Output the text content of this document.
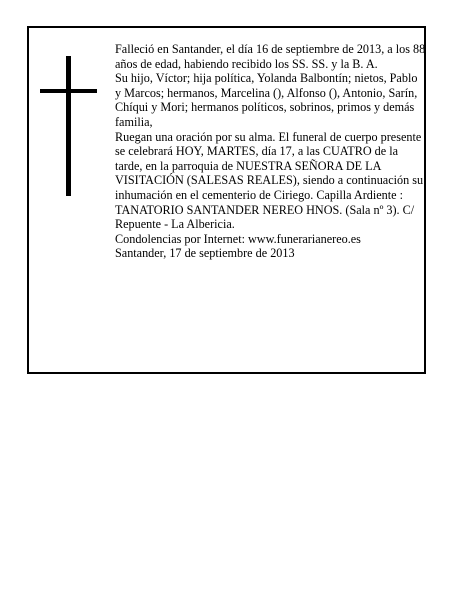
Falleció en Santander, el día 16 de septiembre de 2013, a los 88 años de edad, habiendo recibido los SS. SS. y la B. A.

Su hijo, Víctor; hija política, Yolanda Balbontín; nietos, Pablo y Marcos; hermanos, Marcelina (), Alfonso (), Antonio, Sarín, Chíqui y Mori; hermanos políticos, sobrinos, primos y demás familia,

Ruegan una oración por su alma. El funeral de cuerpo presente se celebrará HOY, MARTES, día 17, a las CUATRO de la tarde, en la parroquia de NUESTRA SEÑORA DE LA VISITACIÓN (SALESAS REALES), siendo a continuación su inhumación en el cementerio de Ciriego. Capilla Ardiente : TANATORIO SANTANDER NEREO HNOS. (Sala nº 3). C/ Repuente - La Albericia.

Condolencias por Internet: www.funerarianereo.es

Santander, 17 de septiembre de 2013
